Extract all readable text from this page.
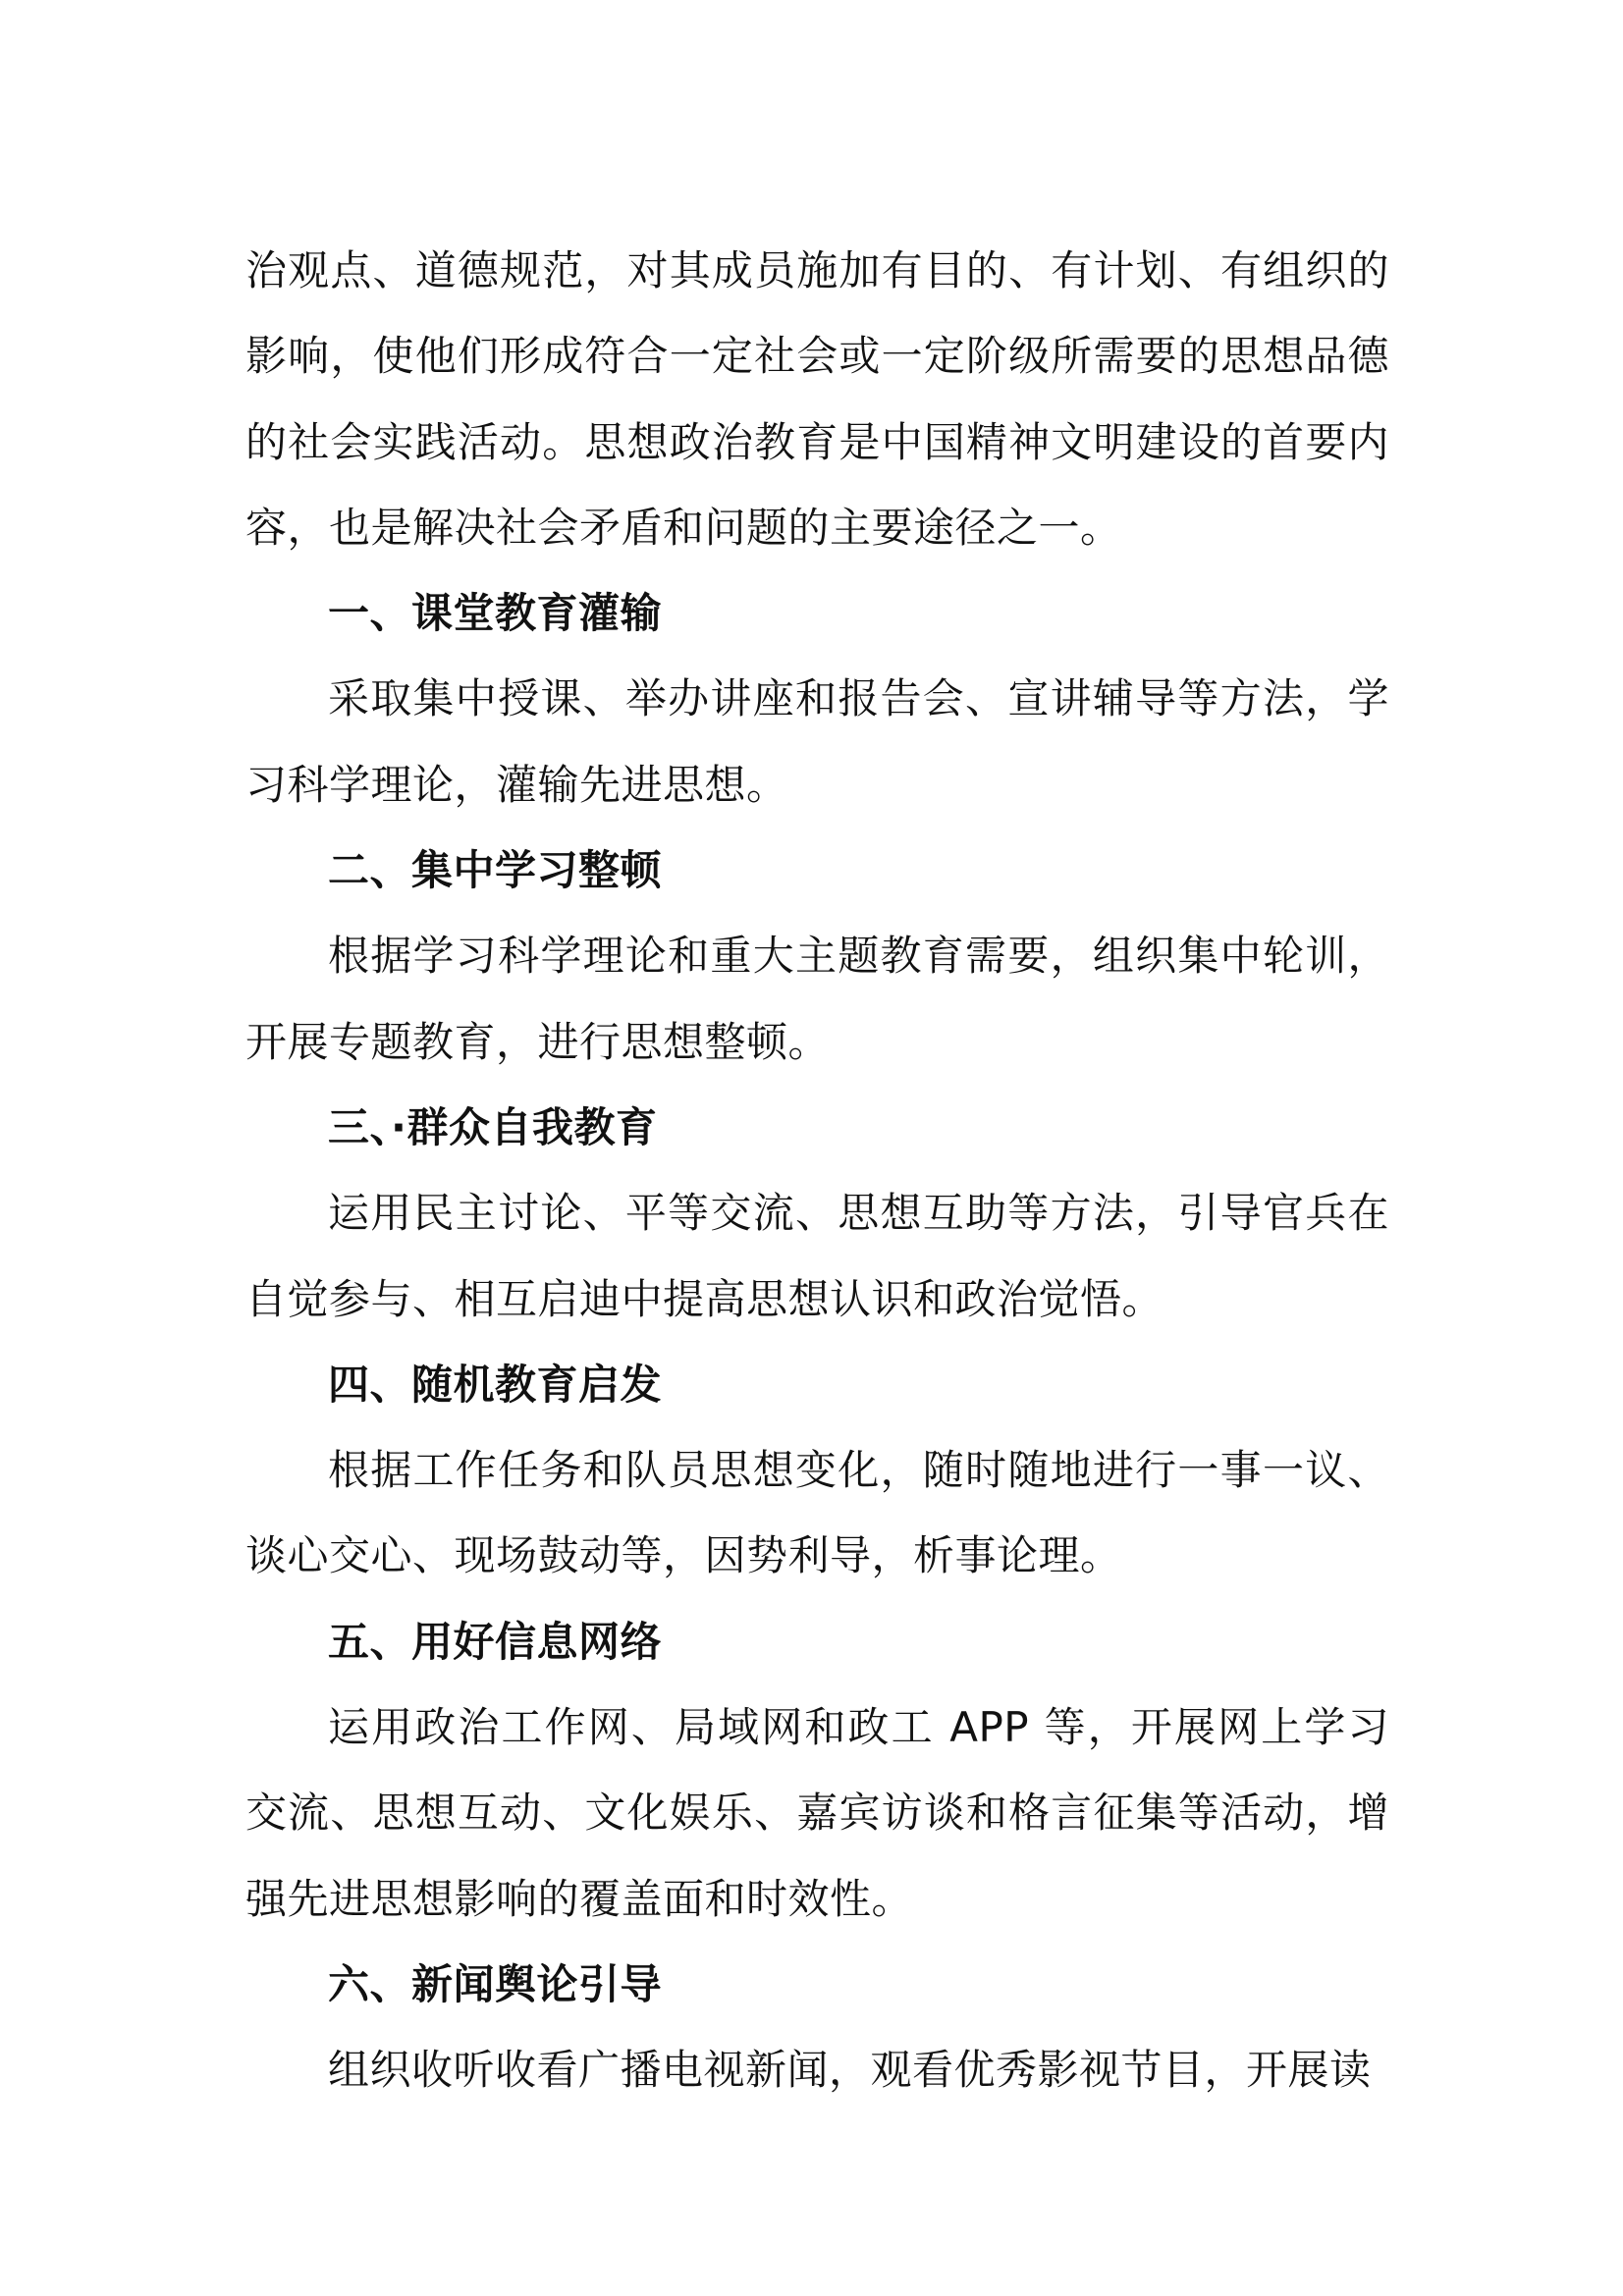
治观点、道德规范，对其成员施加有目的、有计划、有组织的影响，使他们形成符合一定社会或一定阶级所需要的思想品德的社会实践活动。思想政治教育是中国精神文明建设的首要内容，也是解决社会矛盾和问题的主要途径之一。

一、课堂教育灌输

采取集中授课、举办讲座和报告会、宣讲辅导等方法，学习科学理论，灌输先进思想。

二、集中学习整顿

根据学习科学理论和重大主题教育需要，组织集中轮训，开展专题教育，进行思想整顿。

三、·群众自我教育

运用民主讨论、平等交流、思想互助等方法，引导官兵在自觉参与、相互启迪中提高思想认识和政治觉悟。

四、随机教育启发

根据工作任务和队员思想变化，随时随地进行一事一议、谈心交心、现场鼓动等，因势利导，析事论理。

五、用好信息网络

运用政治工作网、局域网和政工 APP 等，开展网上学习交流、思想互动、文化娱乐、嘉宾访谈和格言征集等活动，增强先进思想影响的覆盖面和时效性。

六、新闻舆论引导

组织收听收看广播电视新闻，观看优秀影视节目，开展读
